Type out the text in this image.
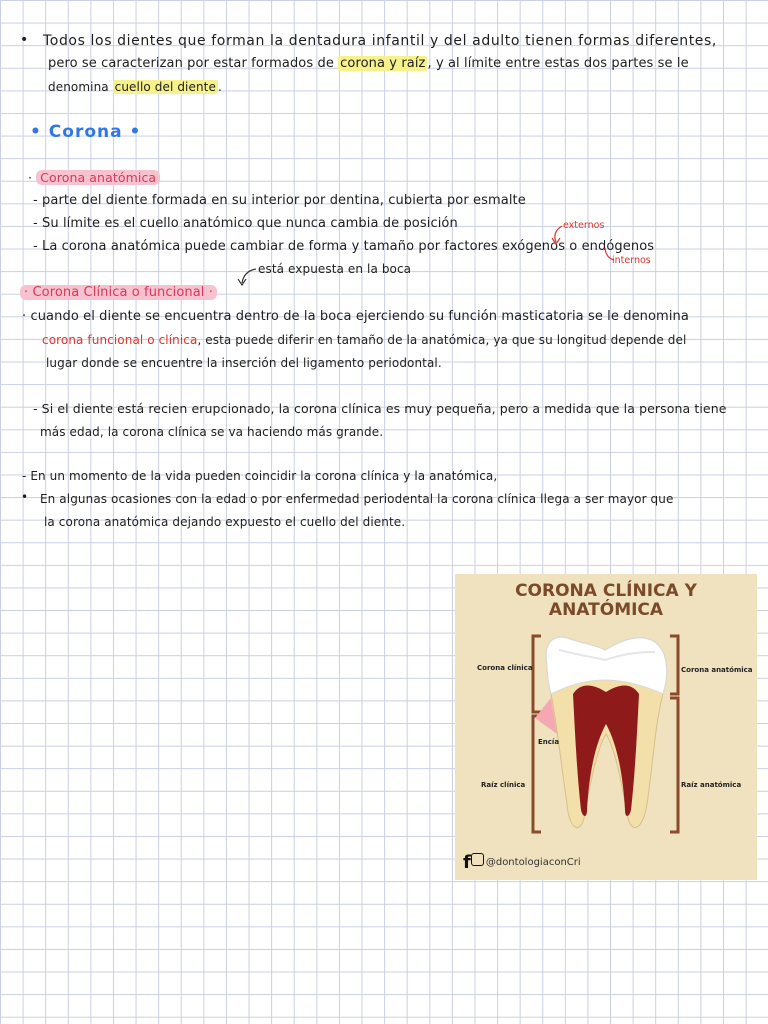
• Todos los dientes que forman la dentadura infantil y del adulto tienen formas diferentes,
pero se caracterizan por estar formados de corona y raíz , y al límite entre estas dos partes se le
denomina cuello del diente .
• Corona •
· Corona anatómica
- parte del diente formada en su interior por dentina, cubierta por esmalte
- Su límite es el cuello anatómico que nunca cambia de posición
- La corona anatómica puede cambiar de forma y tamaño por factores exógenos o endógenos
externos
internos
está expuesta en la boca
· Corona Clínica o funcional ·
· cuando el diente se encuentra dentro de la boca ejerciendo su función masticatoria se le denomina
corona funcional o clínica, esta puede diferir en tamaño de la anatómica, ya que su longitud depende del
lugar donde se encuentre la inserción del ligamento periodontal.
- Si el diente está recien erupcionado, la corona clínica es muy pequeña, pero a medida que la persona tiene
más edad, la corona clínica se va haciendo más grande.
- En un momento de la vida pueden coincidir la corona clínica y la anatómica,
• En algunas ocasiones con la edad o por enfermedad periodental la corona clínica llega a ser mayor que
la corona anatómica dejando expuesto el cuello del diente.
CORONA CLÍNICA Y
ANATÓMICA
Corona clínica	Corona anatómica
Encía
Raíz clínica	Raíz anatómica
f @dontologiaconCri
